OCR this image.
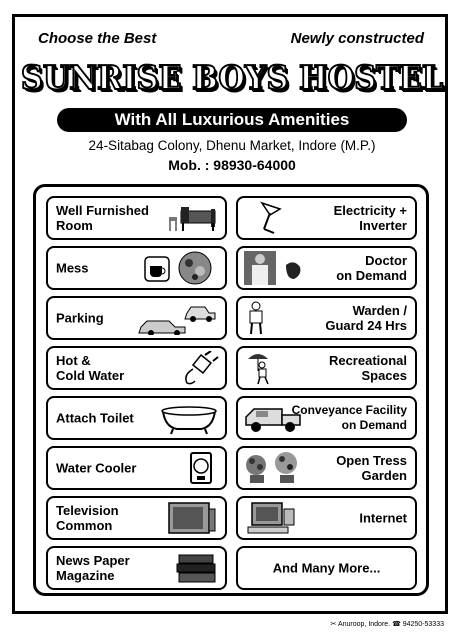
Choose the Best	Newly constructed
SUNRISE BOYS HOSTEL
With All Luxurious Amenities
24-Sitabag Colony, Dhenu Market, Indore (M.P.)
Mob. : 98930-64000
Well Furnished
Room
Mess
Parking
Hot &
Cold Water
Attach Toilet
Water Cooler
Television
Common
News Paper
Magazine
Electricity +
Inverter
Doctor
on Demand
Warden /
Guard 24 Hrs
Recreational
Spaces
Conveyance Facility
on Demand
Open Tress
Garden
Internet
And Many More...
✂ Anuroop, Indore. ☎ 94250-53333
